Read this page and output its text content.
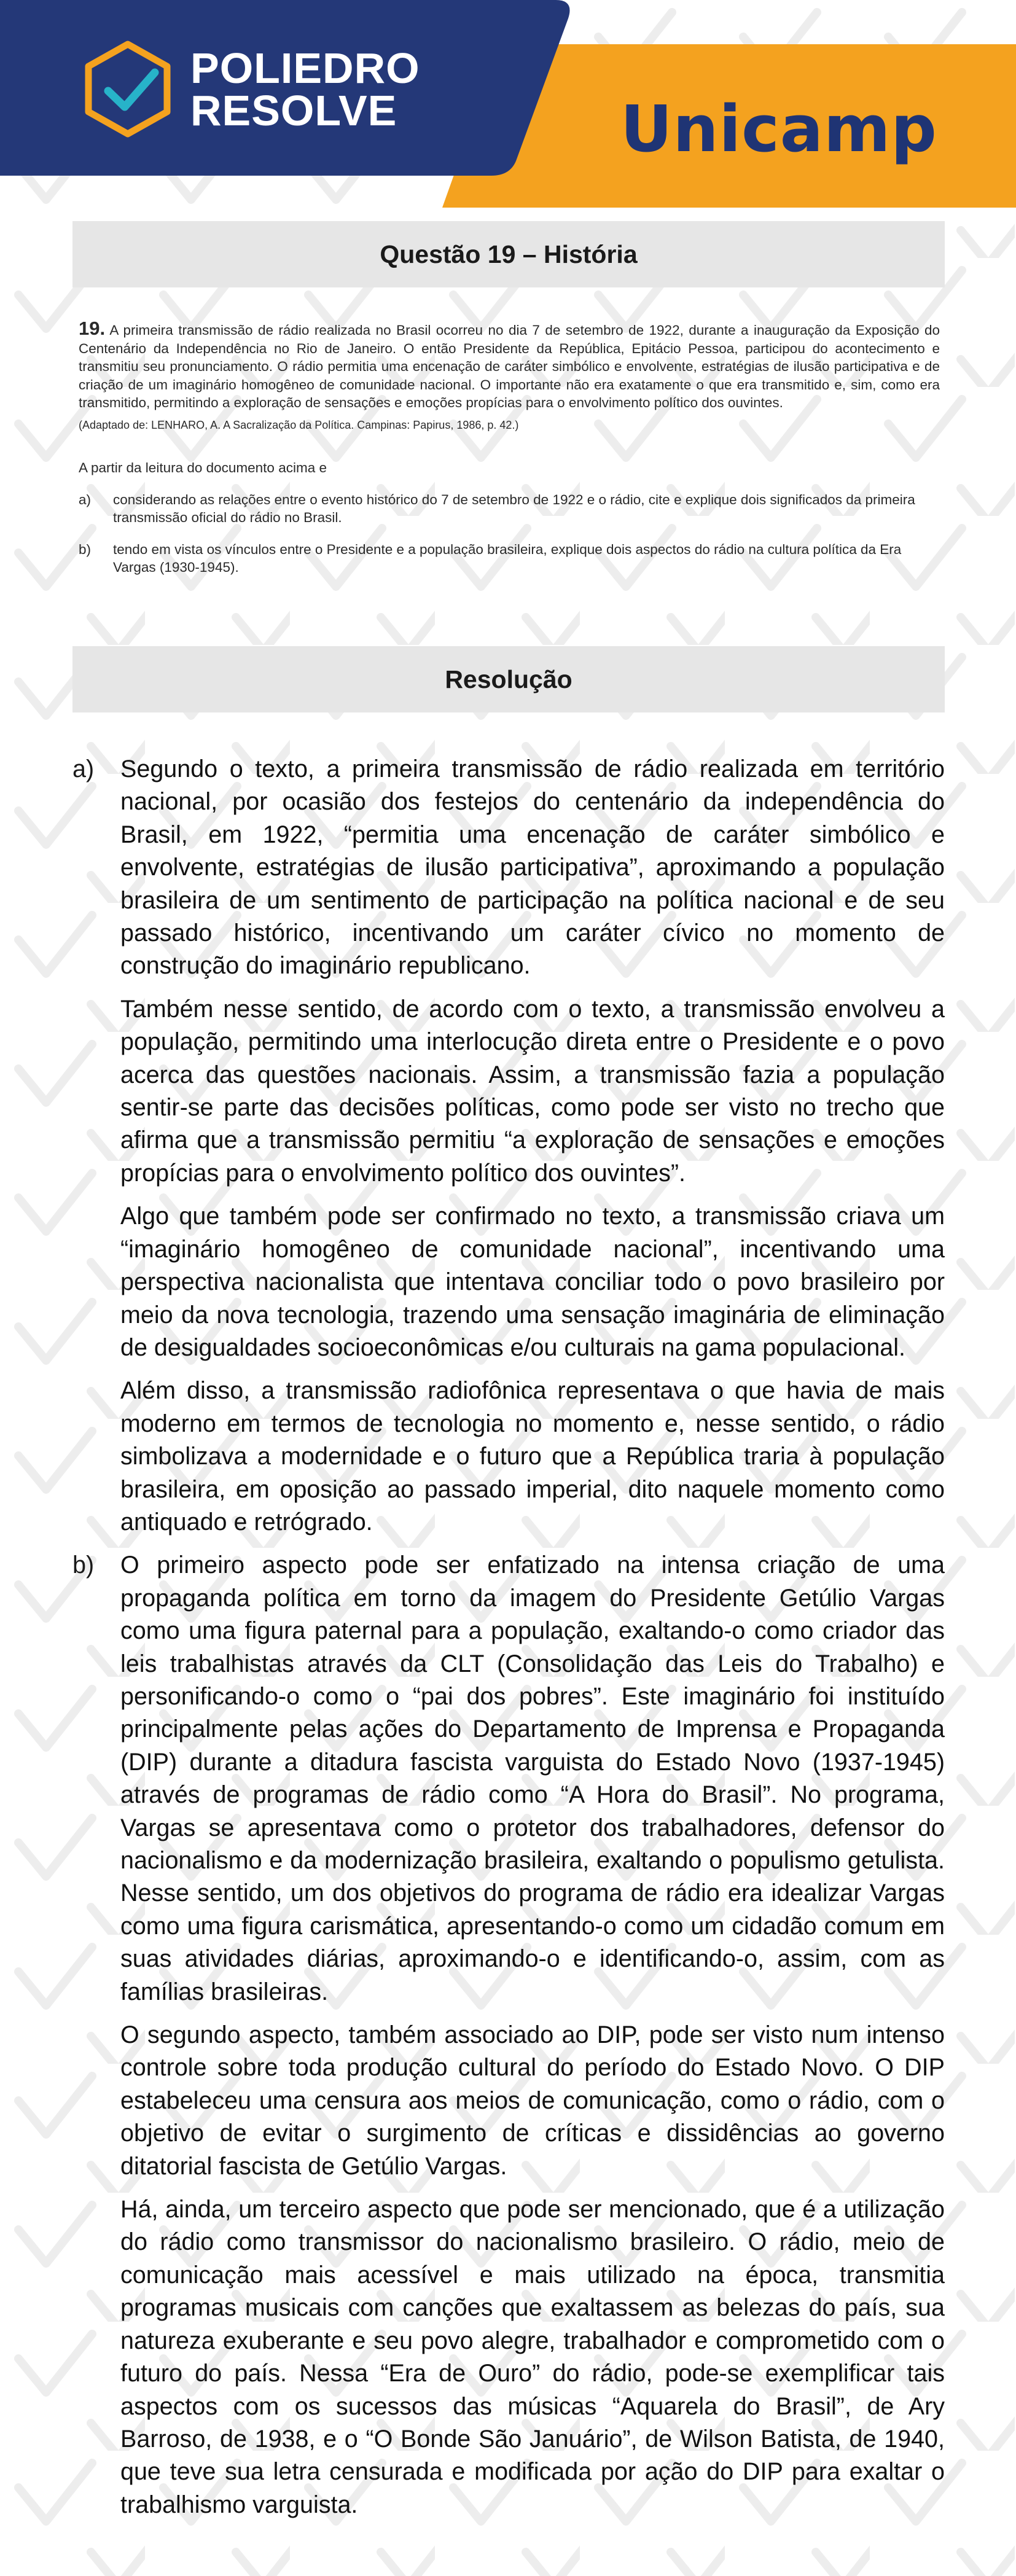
POLIEDRO
RESOLVE	Unicamp
Questão 19 – História
19. A primeira transmissão de rádio realizada no Brasil ocorreu no dia 7 de setembro de 1922, durante a inauguração da Exposição do Centenário da Independência no Rio de Janeiro. O então Presidente da República, Epitácio Pessoa, participou do acontecimento e transmitiu seu pronunciamento. O rádio permitia uma encenação de caráter simbólico e envolvente, estratégias de ilusão participativa e de criação de um imaginário homogêneo de comunidade nacional. O importante não era exatamente o que era transmitido e, sim, como era transmitido, permitindo a exploração de sensações e emoções propícias para o envolvimento político dos ouvintes.
(Adaptado de: LENHARO, A. A Sacralização da Política. Campinas: Papirus, 1986, p. 42.)
A partir da leitura do documento acima e
a) considerando as relações entre o evento histórico do 7 de setembro de 1922 e o rádio, cite e explique dois significados da primeira transmissão oficial do rádio no Brasil.
b) tendo em vista os vínculos entre o Presidente e a população brasileira, explique dois aspectos do rádio na cultura política da Era Vargas (1930-1945).
Resolução
a) Segundo o texto, a primeira transmissão de rádio realizada em território nacional, por ocasião dos festejos do centenário da independência do Brasil, em 1922, “permitia uma encenação de caráter simbólico e envolvente, estratégias de ilusão participativa”, aproximando a população brasileira de um sentimento de participação na política nacional e de seu passado histórico, incentivando um caráter cívico no momento de construção do imaginário republicano.

Também nesse sentido, de acordo com o texto, a transmissão envolveu a população, permitindo uma interlocução direta entre o Presidente e o povo acerca das questões nacionais. Assim, a transmissão fazia a população sentir-se parte das decisões políticas, como pode ser visto no trecho que afirma que a transmissão permitiu “a exploração de sensações e emoções propícias para o envolvimento político dos ouvintes”.

Algo que também pode ser confirmado no texto, a transmissão criava um “imaginário homogêneo de comunidade nacional”, incentivando uma perspectiva nacionalista que intentava conciliar todo o povo brasileiro por meio da nova tecnologia, trazendo uma sensação imaginária de eliminação de desigualdades socioeconômicas e/ou culturais na gama populacional.

Além disso, a transmissão radiofônica representava o que havia de mais moderno em termos de tecnologia no momento e, nesse sentido, o rádio simbolizava a modernidade e o futuro que a República traria à população brasileira, em oposição ao passado imperial, dito naquele momento como antiquado e retrógrado.

b) O primeiro aspecto pode ser enfatizado na intensa criação de uma propaganda política em torno da imagem do Presidente Getúlio Vargas como uma figura paternal para a população, exaltando-o como criador das leis trabalhistas através da CLT (Consolidação das Leis do Trabalho) e personificando-o como o “pai dos pobres”. Este imaginário foi instituído principalmente pelas ações do Departamento de Imprensa e Propaganda (DIP) durante a ditadura fascista varguista do Estado Novo (1937-1945) através de programas de rádio como “A Hora do Brasil”. No programa, Vargas se apresentava como o protetor dos trabalhadores, defensor do nacionalismo e da modernização brasileira, exaltando o populismo getulista. Nesse sentido, um dos objetivos do programa de rádio era idealizar Vargas como uma figura carismática, apresentando-o como um cidadão comum em suas atividades diárias, aproximando-o e identificando-o, assim, com as famílias brasileiras.

O segundo aspecto, também associado ao DIP, pode ser visto num intenso controle sobre toda produção cultural do período do Estado Novo. O DIP estabeleceu uma censura aos meios de comunicação, como o rádio, com o objetivo de evitar o surgimento de críticas e dissidências ao governo ditatorial fascista de Getúlio Vargas.

Há, ainda, um terceiro aspecto que pode ser mencionado, que é a utilização do rádio como transmissor do nacionalismo brasileiro. O rádio, meio de comunicação mais acessível e mais utilizado na época, transmitia programas musicais com canções que exaltassem as belezas do país, sua natureza exuberante e seu povo alegre, trabalhador e comprometido com o futuro do país. Nessa “Era de Ouro” do rádio, pode-se exemplificar tais aspectos com os sucessos das músicas “Aquarela do Brasil”, de Ary Barroso, de 1938, e o “O Bonde São Januário”, de Wilson Batista, de 1940, que teve sua letra censurada e modificada por ação do DIP para exaltar o trabalhismo varguista.
